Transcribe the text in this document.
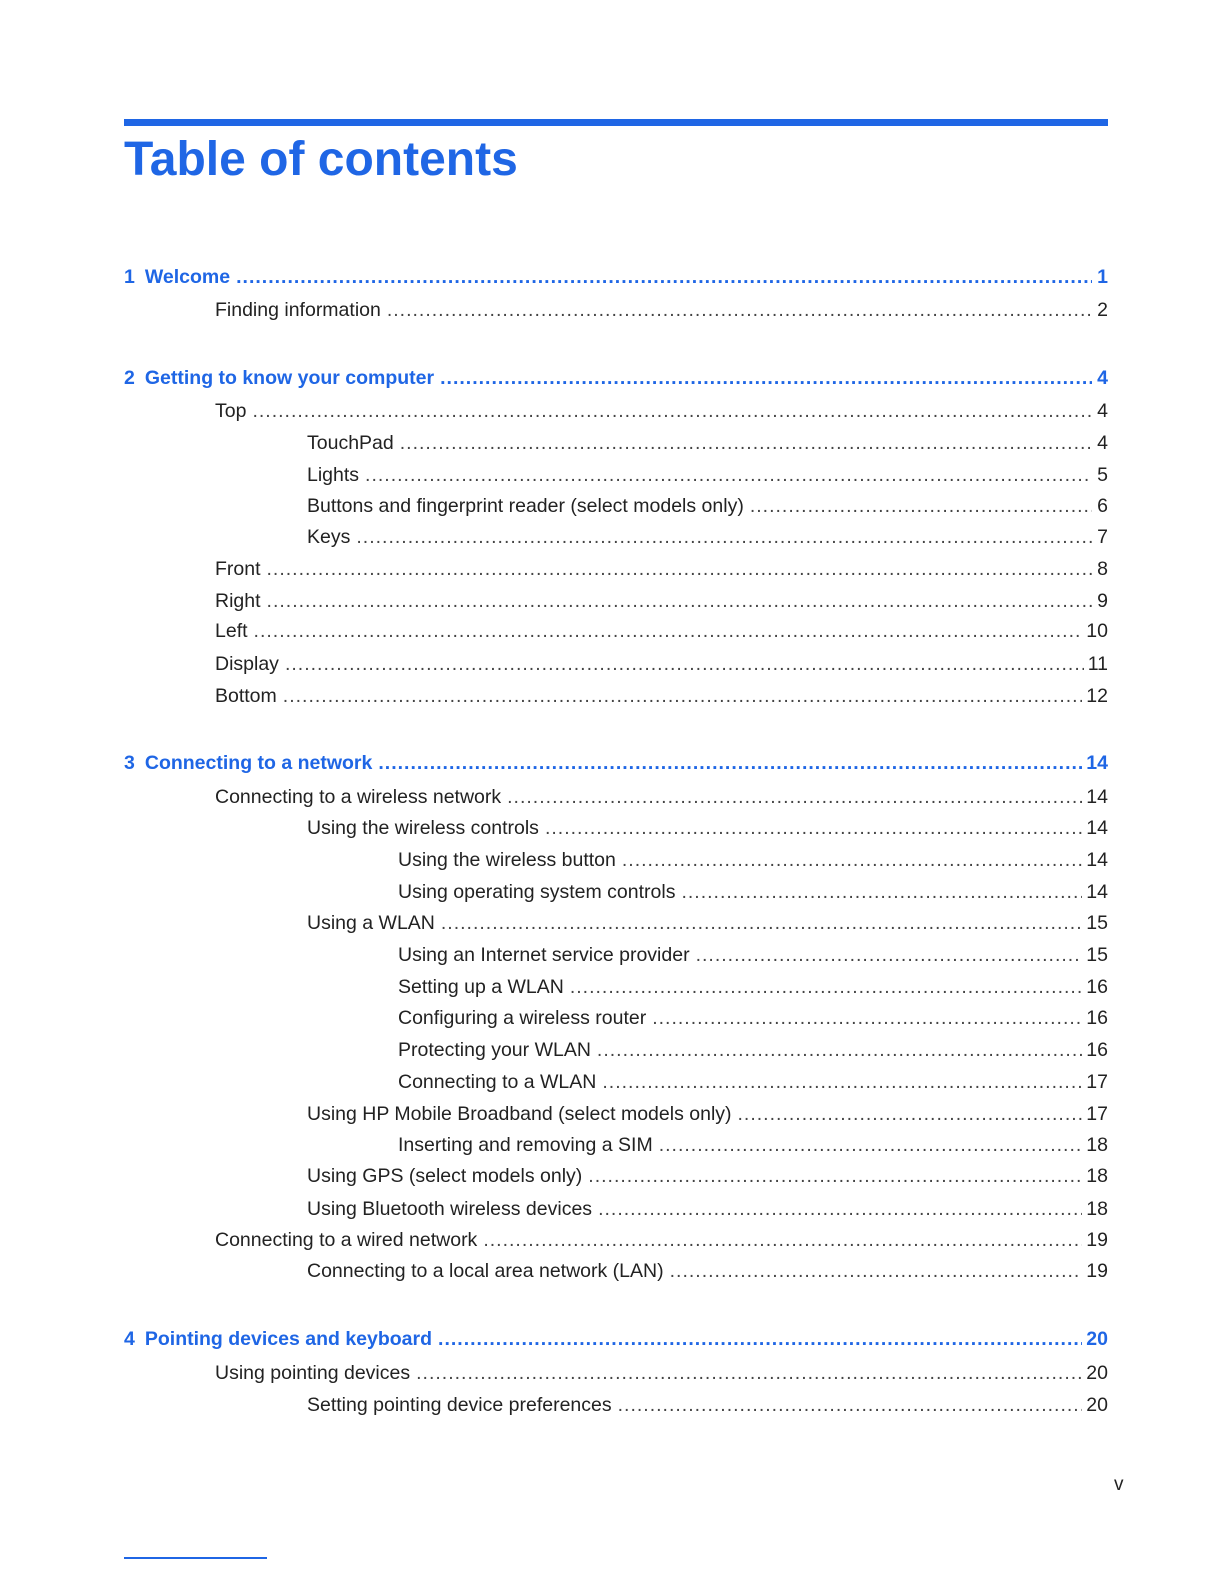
Table of contents
1 Welcome .....	1
Finding information .....	2
2 Getting to know your computer .....	4
Top .....	4
TouchPad .....	4
Lights .....	5
Buttons and fingerprint reader (select models only) .....	6
Keys .....	7
Front .....	8
Right .....	9
Left .....	10
Display .....	11
Bottom .....	12
3 Connecting to a network .....	14
Connecting to a wireless network .....	14
Using the wireless controls .....	14
Using the wireless button .....	14
Using operating system controls .....	14
Using a WLAN .....	15
Using an Internet service provider .....	15
Setting up a WLAN .....	16
Configuring a wireless router .....	16
Protecting your WLAN .....	16
Connecting to a WLAN .....	17
Using HP Mobile Broadband (select models only) .....	17
Inserting and removing a SIM .....	18
Using GPS (select models only) .....	18
Using Bluetooth wireless devices .....	18
Connecting to a wired network .....	19
Connecting to a local area network (LAN) .....	19
4 Pointing devices and keyboard .....	20
Using pointing devices .....	20
Setting pointing device preferences .....	20
v
